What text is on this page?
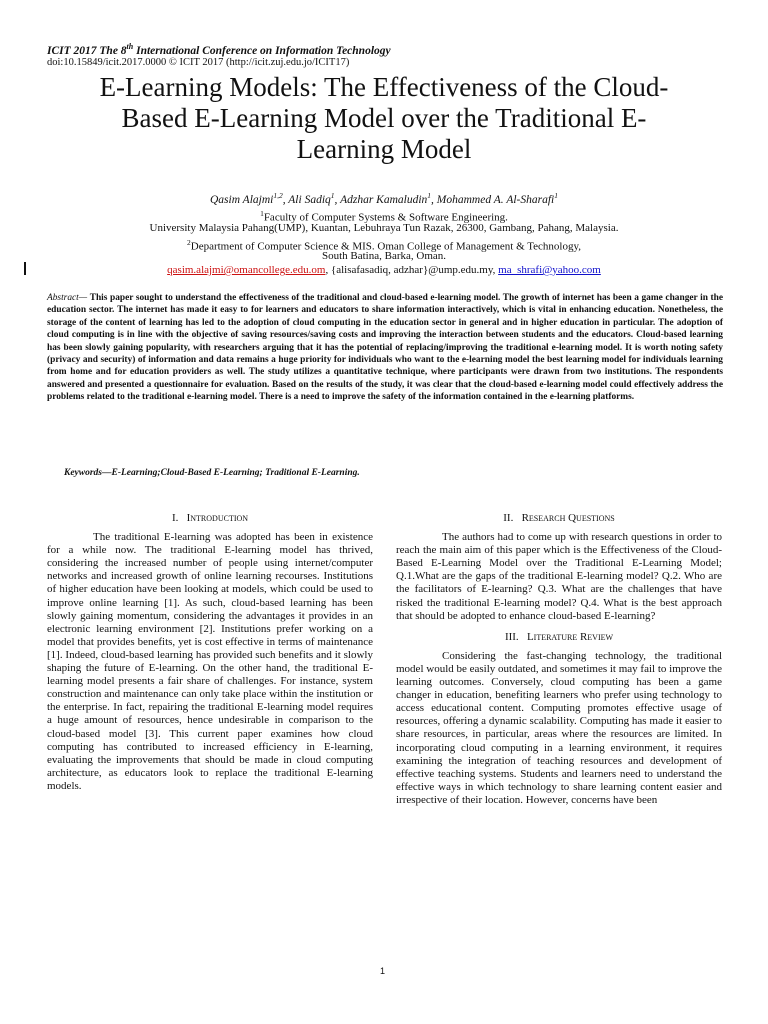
ICIT 2017 The 8th International Conference on Information Technology
doi:10.15849/icit.2017.0000 © ICIT 2017 (http://icit.zuj.edu.jo/ICIT17)
E-Learning Models: The Effectiveness of the Cloud-
Based E-Learning Model over the Traditional E-
Learning Model
Qasim Alajmi$^{1,2}$, Ali Sadiq$^1$, Adzhar Kamaludin$^1$, Mohammed A. Al-Sharafi$^1$
$^1$Faculty of Computer Systems & Software Engineering.
University Malaysia Pahang(UMP), Kuantan, Lebuhraya Tun Razak, 26300, Gambang, Pahang, Malaysia.
$^2$Department of Computer Science & MIS. Oman College of Management & Technology,
South Batina, Barka, Oman.
qasim.alajmi@omancollege.edu.om, {alisafasadiq, adzhar}@ump.edu.my, ma_shrafi@yahoo.com
Abstract— This paper sought to understand the effectiveness of the traditional and cloud-based e-learning model. The growth of internet has been a game changer in the education sector. The internet has made it easy to for learners and educators to share information interactively, which is vital in enhancing education. Nonetheless, the storage of the content of learning has led to the adoption of cloud computing in the education sector in general and in higher education in particular. The adoption of cloud computing is in line with the objective of saving resources/saving costs and improving the interaction between students and the educators. Cloud-based learning has been slowly gaining popularity, with researchers arguing that it has the potential of replacing/improving the traditional e-learning model. It is worth noting safety (privacy and security) of information and data remains a huge priority for individuals who want to the e-learning model the best learning model for individuals learning from home and for education providers as well. The study utilizes a quantitative technique, where participants were drawn from two institutions. The respondents answered and presented a questionnaire for evaluation. Based on the results of the study, it was clear that the cloud-based e-learning model could effectively address the problems related to the traditional e-learning model. There is a need to improve the safety of the information contained in the e-learning platforms.
Keywords—E-Learning;Cloud-Based E-Learning; Traditional E-Learning.
I. Introduction

The traditional E-learning was adopted has been in existence for a while now. The traditional E-learning model has thrived, considering the increased number of people using internet/computer networks and increased growth of online learning recourses. Institutions of higher education have been looking at models, which could be used to improve online learning [1]. As such, cloud-based learning has been slowly gaining momentum, considering the advantages it provides in an electronic learning environment [2]. Institutions prefer working on a model that provides benefits, yet is cost effective in terms of maintenance [1]. Indeed, cloud-based learning has provided such benefits and it slowly shaping the future of E-learning. On the other hand, the traditional E-learning model presents a fair share of challenges. For instance, system construction and maintenance can only take place within the institution or the enterprise. In fact, repairing the traditional E-learning model requires a huge amount of resources, hence undesirable in comparison to the cloud-based model [3]. This current paper examines how cloud computing has contributed to increased efficiency in E-learning, evaluating the improvements that should be made in cloud computing architecture, as educators look to replace the traditional E-learning models.

II. Research Questions

The authors had to come up with research questions in order to reach the main aim of this paper which is the Effectiveness of the Cloud-Based E-Learning Model over the Traditional E-Learning Model; Q.1.What are the gaps of the traditional E-learning model? Q.2. Who are the facilitators of E-learning? Q.3. What are the challenges that have risked the traditional E-learning model? Q.4. What is the best approach that should be adopted to enhance cloud-based E-learning?

III. Literature Review

Considering the fast-changing technology, the traditional model would be easily outdated, and sometimes it may fail to improve the learning outcomes. Conversely, cloud computing has been a game changer in education, benefiting learners who prefer using technology to access educational content. Computing promotes effective usage of resources, offering a dynamic scalability. Computing has made it easier to share resources, in particular, areas where the resources are limited. In incorporating cloud computing in a learning environment, it requires examining the integration of teaching resources and development of effective teaching systems. Students and learners need to understand the effective ways in which technology to share learning content easier and irrespective of their location. However, concerns have been

1
